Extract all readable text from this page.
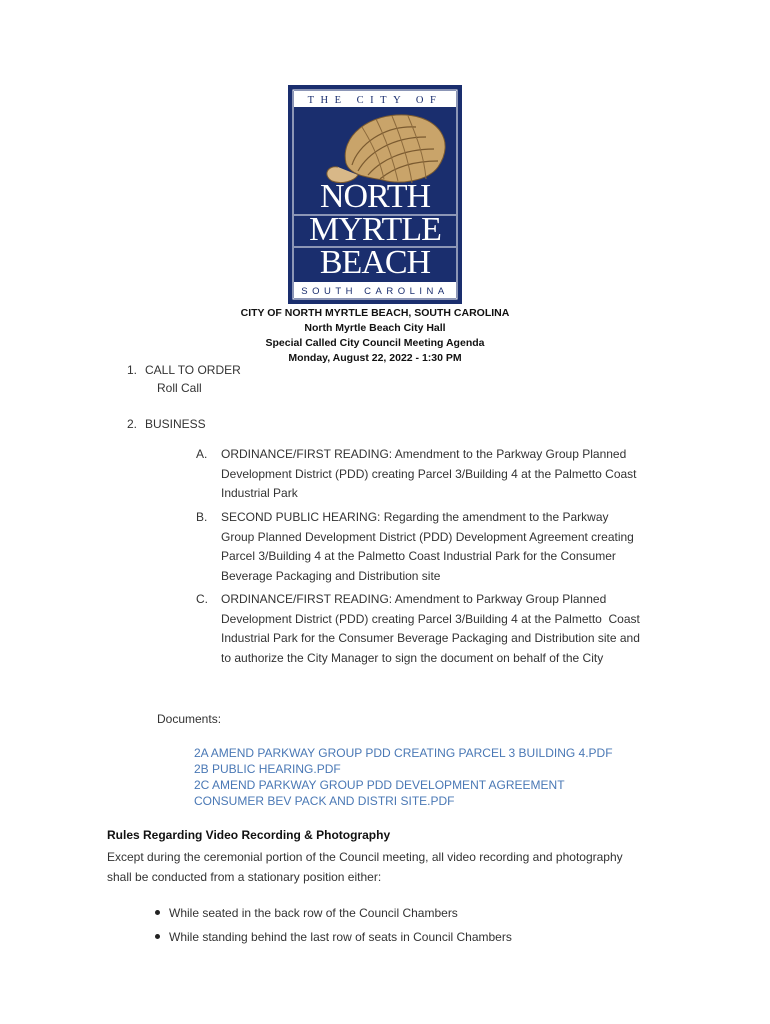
THE CITY OF
NORTH
MYRTLE
BEACH
SOUTH CAROLINA
CITY OF NORTH MYRTLE BEACH, SOUTH CAROLINA
North Myrtle Beach City Hall
Special Called City Council Meeting Agenda
Monday, August 22, 2022 - 1:30 PM
1. CALL TO ORDER
Roll Call
2. BUSINESS
A. ORDINANCE/FIRST READING: Amendment to the Parkway Group Planned Development District (PDD) creating Parcel 3/Building 4 at the Palmetto Coast Industrial Park
B. SECOND PUBLIC HEARING: Regarding the amendment to the Parkway Group Planned Development District (PDD) Development Agreement creating Parcel 3/Building 4 at the Palmetto Coast Industrial Park for the Consumer Beverage Packaging and Distribution site
C. ORDINANCE/FIRST READING: Amendment to Parkway Group Planned Development District (PDD) creating Parcel 3/Building 4 at the Palmetto  Coast Industrial Park for the Consumer Beverage Packaging and Distribution site and to authorize the City Manager to sign the document on behalf of the City
Documents:
2A AMEND PARKWAY GROUP PDD CREATING PARCEL 3 BUILDING 4.PDF
2B PUBLIC HEARING.PDF
2C AMEND PARKWAY GROUP PDD DEVELOPMENT AGREEMENT
CONSUMER BEV PACK AND DISTRI SITE.PDF
Rules Regarding Video Recording & Photography
Except during the ceremonial portion of the Council meeting, all video recording and photography shall be conducted from a stationary position either:
While seated in the back row of the Council Chambers
While standing behind the last row of seats in Council Chambers
